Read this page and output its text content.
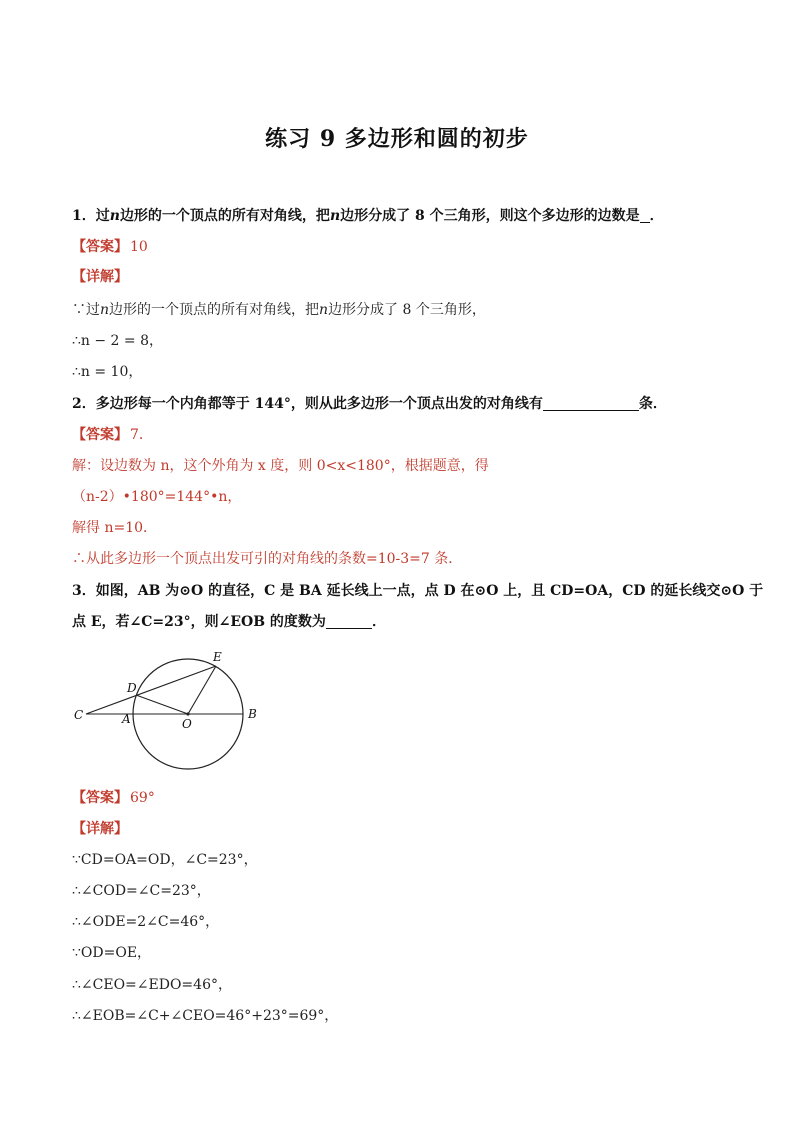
练习 9 多边形和圆的初步
1．过n边形的一个顶点的所有对角线，把n边形分成了 8 个三角形，则这个多边形的边数是 ．
【答案】 10
【详解】
∵过n边形的一个顶点的所有对角线，把n边形分成了 8 个三角形，
∴n − 2 = 8，
∴n = 10，
2．多边形每一个内角都等于 144°，则从此多边形一个顶点出发的对角线有	条．
【答案】 7．
解：设边数为 n，这个外角为 x 度，则 0<x<180°，根据题意，得
（n-2）•180°=144°•n，
解得 n=10．
∴从此多边形一个顶点出发可引的对角线的条数=10-3=7 条．
3．如图，AB 为⊙O 的直径，C 是 BA 延长线上一点，点 D 在⊙O 上，且 CD=OA，CD 的延长线交⊙O 于
点 E，若∠C=23°，则∠EOB 的度数为	．
C	A	O
B
D
E
【答案】 69°
【详解】
∵CD=OA=OD，∠C=23°，
∴∠COD=∠C=23°，
∴∠ODE=2∠C=46°，
∵OD=OE，
∴∠CEO=∠EDO=46°，
∴∠EOB=∠C+∠CEO=46°+23°=69°，
